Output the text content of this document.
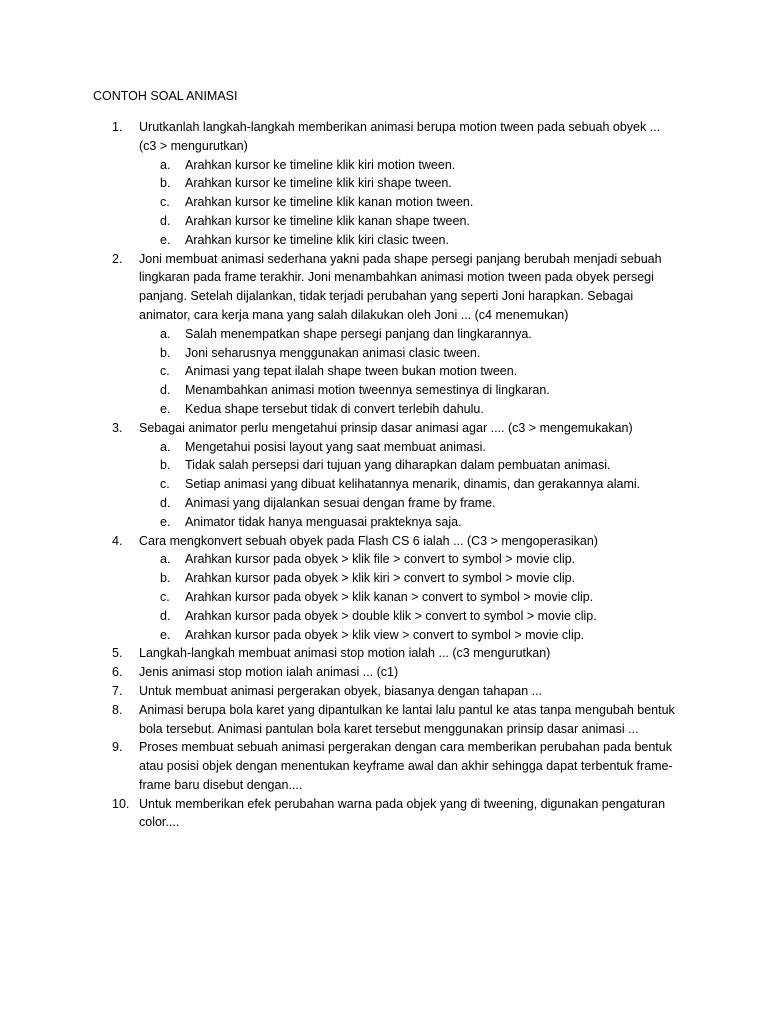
CONTOH SOAL ANIMASI
1.	Urutkanlah langkah-langkah memberikan animasi berupa motion tween pada sebuah obyek ... (c3 > mengurutkan)
a. Arahkan kursor ke timeline klik kiri motion tween.
b. Arahkan kursor ke timeline klik kiri shape tween.
c. Arahkan kursor ke timeline klik kanan motion tween.
d. Arahkan kursor ke timeline klik kanan shape tween.
e. Arahkan kursor ke timeline klik kiri clasic tween.
2.	Joni membuat animasi sederhana yakni pada shape persegi panjang berubah menjadi sebuah lingkaran pada frame terakhir. Joni menambahkan animasi motion tween pada obyek persegi panjang. Setelah dijalankan, tidak terjadi perubahan yang seperti Joni harapkan. Sebagai animator, cara kerja mana yang salah dilakukan oleh Joni ... (c4 menemukan)
a. Salah menempatkan shape persegi panjang dan lingkarannya.
b. Joni seharusnya menggunakan animasi clasic tween.
c. Animasi yang tepat ilalah shape tween bukan motion tween.
d. Menambahkan animasi motion tweennya semestinya di lingkaran.
e. Kedua shape tersebut tidak di convert terlebih dahulu.
3.	Sebagai animator perlu mengetahui prinsip dasar animasi agar .... (c3 > mengemukakan)
a. Mengetahui posisi layout yang saat membuat animasi.
b. Tidak salah persepsi dari tujuan yang diharapkan dalam pembuatan animasi.
c. Setiap animasi yang dibuat kelihatannya menarik, dinamis, dan gerakannya alami.
d. Animasi yang dijalankan sesuai dengan frame by frame.
e. Animator tidak hanya menguasai prakteknya saja.
4.	Cara mengkonvert sebuah obyek pada Flash CS 6 ialah ... (C3 > mengoperasikan)
a. Arahkan kursor pada obyek > klik file > convert to symbol > movie clip.
b. Arahkan kursor pada obyek > klik kiri > convert to symbol > movie clip.
c. Arahkan kursor pada obyek > klik kanan > convert to symbol > movie clip.
d. Arahkan kursor pada obyek > double klik > convert to symbol > movie clip.
e. Arahkan kursor pada obyek > klik view > convert to symbol > movie clip.
5.	Langkah-langkah membuat animasi stop motion ialah ... (c3 mengurutkan)
6.	Jenis animasi stop motion ialah animasi ... (c1)
7.	Untuk membuat animasi pergerakan obyek, biasanya dengan tahapan ...
8.	Animasi berupa bola karet yang dipantulkan ke lantai lalu pantul ke atas tanpa mengubah bentuk bola tersebut. Animasi pantulan bola karet tersebut menggunakan prinsip dasar animasi ...
9.	Proses membuat sebuah animasi pergerakan dengan cara memberikan perubahan pada bentuk atau posisi objek dengan menentukan keyframe awal dan akhir sehingga dapat terbentuk frame-frame baru disebut dengan....
10. Untuk memberikan efek perubahan warna pada objek yang di tweening, digunakan pengaturan color....
